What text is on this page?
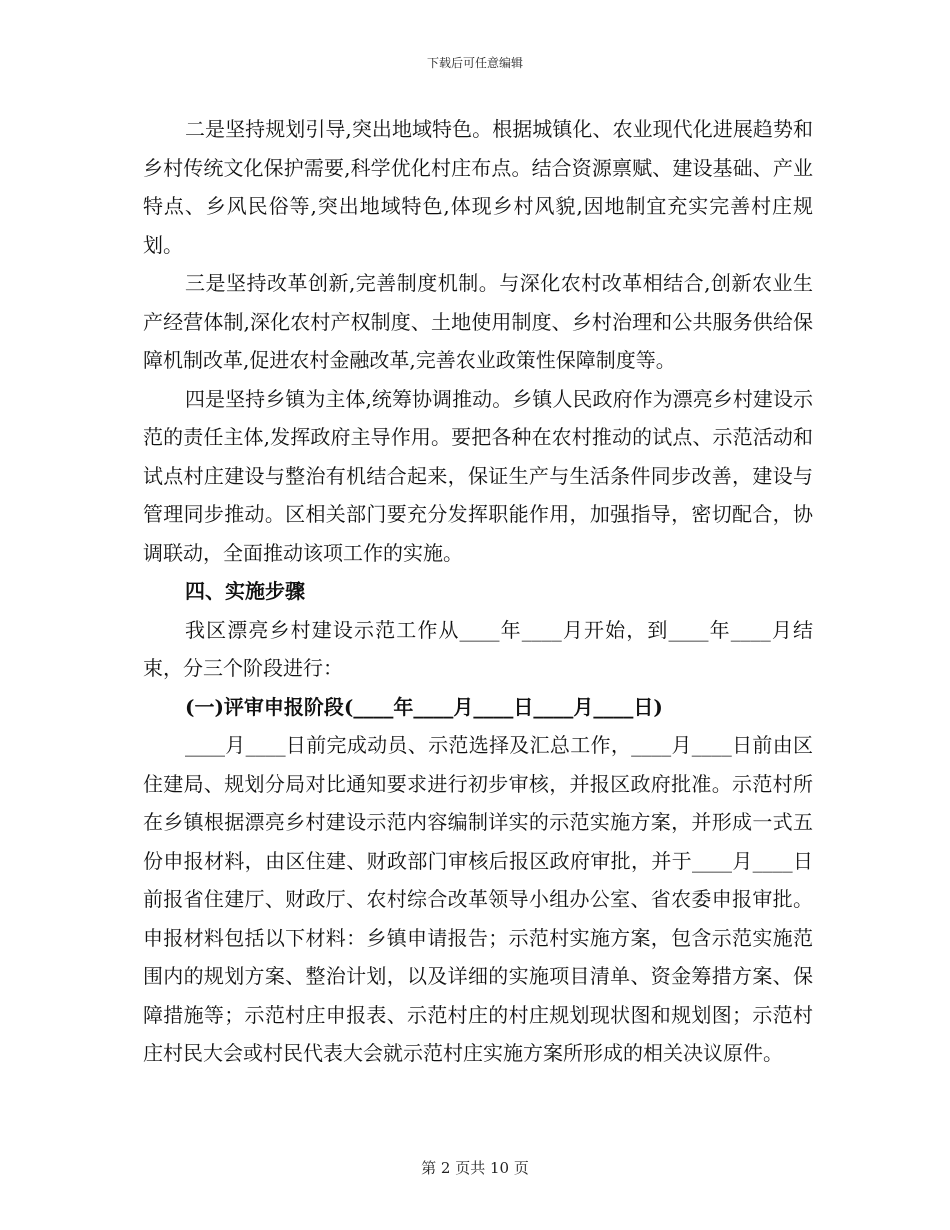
下载后可任意编辑

二是坚持规划引导,突出地域特色。根据城镇化、农业现代化进展趋势和乡村传统文化保护需要,科学优化村庄布点。结合资源禀赋、建设基础、产业特点、乡风民俗等,突出地域特色,体现乡村风貌,因地制宜充实完善村庄规划。

三是坚持改革创新,完善制度机制。与深化农村改革相结合,创新农业生产经营体制,深化农村产权制度、土地使用制度、乡村治理和公共服务供给保障机制改革,促进农村金融改革,完善农业政策性保障制度等。

四是坚持乡镇为主体,统筹协调推动。乡镇人民政府作为漂亮乡村建设示范的责任主体,发挥政府主导作用。要把各种在农村推动的试点、示范活动和试点村庄建设与整治有机结合起来，保证生产与生活条件同步改善，建设与管理同步推动。区相关部门要充分发挥职能作用，加强指导，密切配合，协调联动，全面推动该项工作的实施。

四、实施步骤

我区漂亮乡村建设示范工作从____年____月开始，到____年____月结束，分三个阶段进行：

(一)评审申报阶段(____年____月____日____月____日)

____月____日前完成动员、示范选择及汇总工作，____月____日前由区住建局、规划分局对比通知要求进行初步审核，并报区政府批准。示范村所在乡镇根据漂亮乡村建设示范内容编制详实的示范实施方案，并形成一式五份申报材料，由区住建、财政部门审核后报区政府审批，并于____月____日前报省住建厅、财政厅、农村综合改革领导小组办公室、省农委申报审批。申报材料包括以下材料：乡镇申请报告；示范村实施方案，包含示范实施范围内的规划方案、整治计划，以及详细的实施项目清单、资金筹措方案、保障措施等；示范村庄申报表、示范村庄的村庄规划现状图和规划图；示范村庄村民大会或村民代表大会就示范村庄实施方案所形成的相关决议原件。

第 2 页共 10 页
